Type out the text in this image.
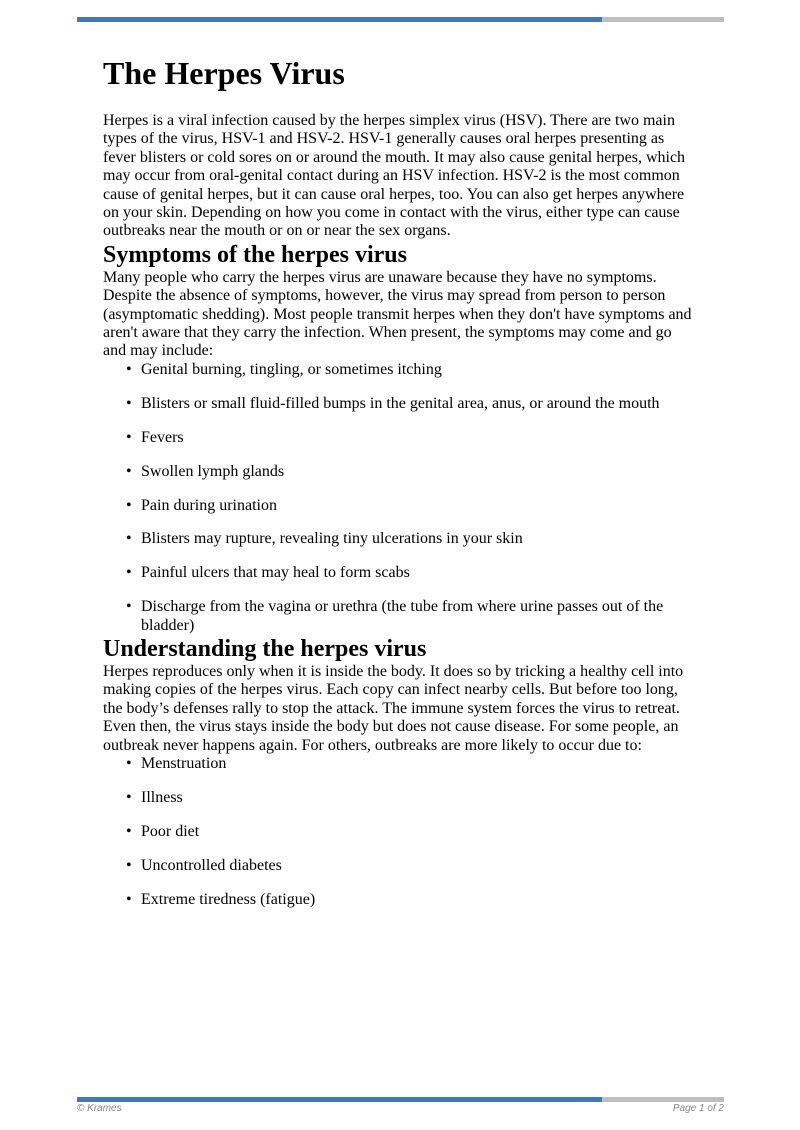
The Herpes Virus

Herpes is a viral infection caused by the herpes simplex virus (HSV). There are two main types of the virus, HSV-1 and HSV-2. HSV-1 generally causes oral herpes presenting as fever blisters or cold sores on or around the mouth. It may also cause genital herpes, which may occur from oral-genital contact during an HSV infection. HSV-2 is the most common cause of genital herpes, but it can cause oral herpes, too. You can also get herpes anywhere on your skin. Depending on how you come in contact with the virus, either type can cause outbreaks near the mouth or on or near the sex organs.

Symptoms of the herpes virus

Many people who carry the herpes virus are unaware because they have no symptoms. Despite the absence of symptoms, however, the virus may spread from person to person (asymptomatic shedding). Most people transmit herpes when they don't have symptoms and aren't aware that they carry the infection. When present, the symptoms may come and go and may include:

• Genital burning, tingling, or sometimes itching
• Blisters or small fluid-filled bumps in the genital area, anus, or around the mouth
• Fevers
• Swollen lymph glands
• Pain during urination
• Blisters may rupture, revealing tiny ulcerations in your skin
• Painful ulcers that may heal to form scabs
• Discharge from the vagina or urethra (the tube from where urine passes out of the bladder)
Understanding the herpes virus

Herpes reproduces only when it is inside the body. It does so by tricking a healthy cell into making copies of the herpes virus. Each copy can infect nearby cells. But before too long, the body’s defenses rally to stop the attack. The immune system forces the virus to retreat. Even then, the virus stays inside the body but does not cause disease. For some people, an outbreak never happens again. For others, outbreaks are more likely to occur due to:

• Menstruation
• Illness
• Poor diet
• Uncontrolled diabetes
• Extreme tiredness (fatigue)
© Krames	Page 1 of 2
